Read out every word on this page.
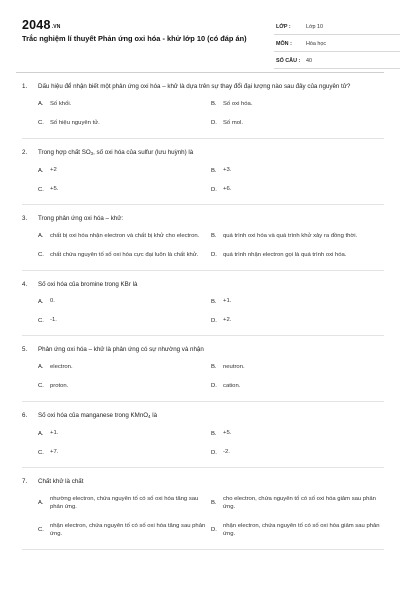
2048.VN
Trắc nghiệm lí thuyết Phản ứng oxi hóa - khử lớp 10 (có đáp án)
LỚP :	Lớp 10
MÔN :	Hóa học
SỐ CÂU : 40
1. Dấu hiệu để nhận biết một phản ứng oxi hóa – khử là dựa trên sự thay đổi đại lượng nào sau đây của nguyên tử?
A. Số khối.	B. Số oxi hóa.
C. Số hiệu nguyên tử.	D. Số mol.
2. Trong hợp chất $SO_3$, số oxi hóa của sulfur (lưu huỳnh) là
A. +2	B. +3.
C. +5.	D. +6.
3. Trong phản ứng oxi hóa – khử:
A. chất bị oxi hóa nhận electron và chất bị khử cho electron. B. quá trình oxi hóa và quá trình khử xảy ra đồng thời.
C. chất chứa nguyên tố số oxi hóa cực đại luôn là chất khử. D. quá trình nhận electron gọi là quá trình oxi hóa.
4. Số oxi hóa của bromine trong KBr là
A. 0.	B. +1.
C. -1.	D. +2.
5. Phản ứng oxi hóa – khử là phản ứng có sự nhường và nhận
A. electron.	B. neutron.
C. proton.	D. cation.
6. Số oxi hóa của manganese trong KMnO$_4$ là
A. +1.	B. +5.
C. +7.	D. -2.
7. Chất khử là chất
A.
nhường electron, chứa nguyên tố có số oxi hóa tăng sau phản ứng.
B.
cho electron, chứa nguyên tố có số oxi hóa giảm sau phản ứng.
C.
nhận electron, chứa nguyên tố có số oxi hóa tăng sau phản ứng.
D.
nhận electron, chứa nguyên tố có số oxi hóa giảm sau phản ứng.
